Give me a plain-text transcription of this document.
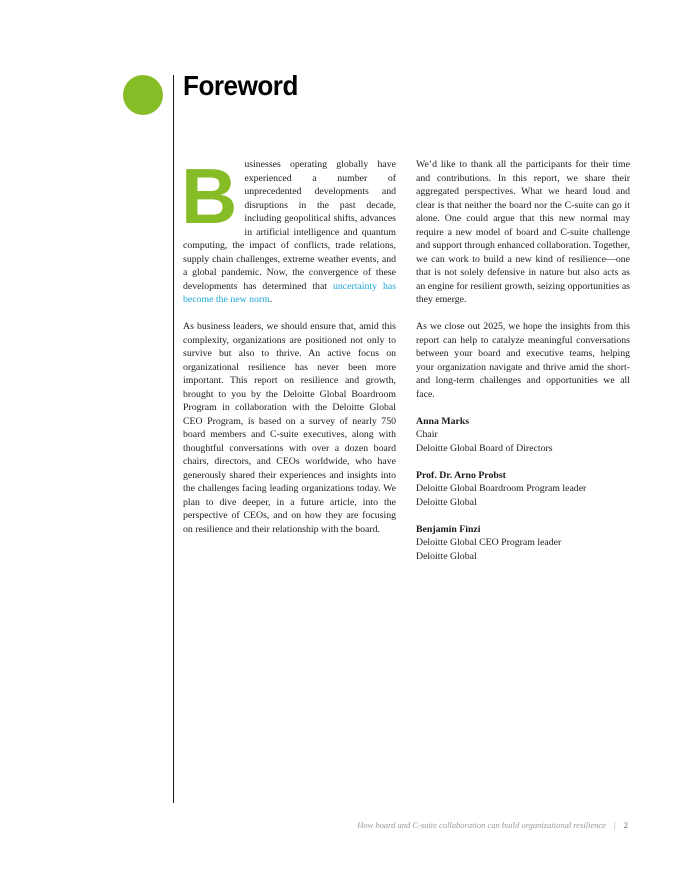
Foreword

Businesses operating globally have experienced a number of unprecedented developments and disruptions in the past decade, including geopolitical shifts, advances in artificial intelligence and quantum computing, the impact of conflicts, trade relations, supply chain challenges, extreme weather events, and a global pandemic. Now, the convergence of these developments has determined that uncertainty has become the new norm.

As business leaders, we should ensure that, amid this complexity, organizations are positioned not only to survive but also to thrive. An active focus on organizational resilience has never been more important. This report on resilience and growth, brought to you by the Deloitte Global Boardroom Program in collaboration with the Deloitte Global CEO Program, is based on a survey of nearly 750 board members and C-suite executives, along with thoughtful conversations with over a dozen board chairs, directors, and CEOs worldwide, who have generously shared their experiences and insights into the challenges facing leading organizations today. We plan to dive deeper, in a future article, into the perspective of CEOs, and on how they are focusing on resilience and their relationship with the board.

We’d like to thank all the participants for their time and contributions. In this report, we share their aggregated perspectives. What we heard loud and clear is that neither the board nor the C-suite can go it alone. One could argue that this new normal may require a new model of board and C-suite challenge and support through enhanced collaboration. Together, we can work to build a new kind of resilience—one that is not solely defensive in nature but also acts as an engine for resilient growth, seizing opportunities as they emerge.

As we close out 2025, we hope the insights from this report can help to catalyze meaningful conversations between your board and executive teams, helping your organization navigate and thrive amid the short- and long-term challenges and opportunities we all face.

Anna Marks
Chair
Deloitte Global Board of Directors
Prof. Dr. Arno Probst
Deloitte Global Boardroom Program leader
Deloitte Global
Benjamin Finzi
Deloitte Global CEO Program leader
Deloitte Global
How board and C-suite collaboration can build organizational resilience | 2
